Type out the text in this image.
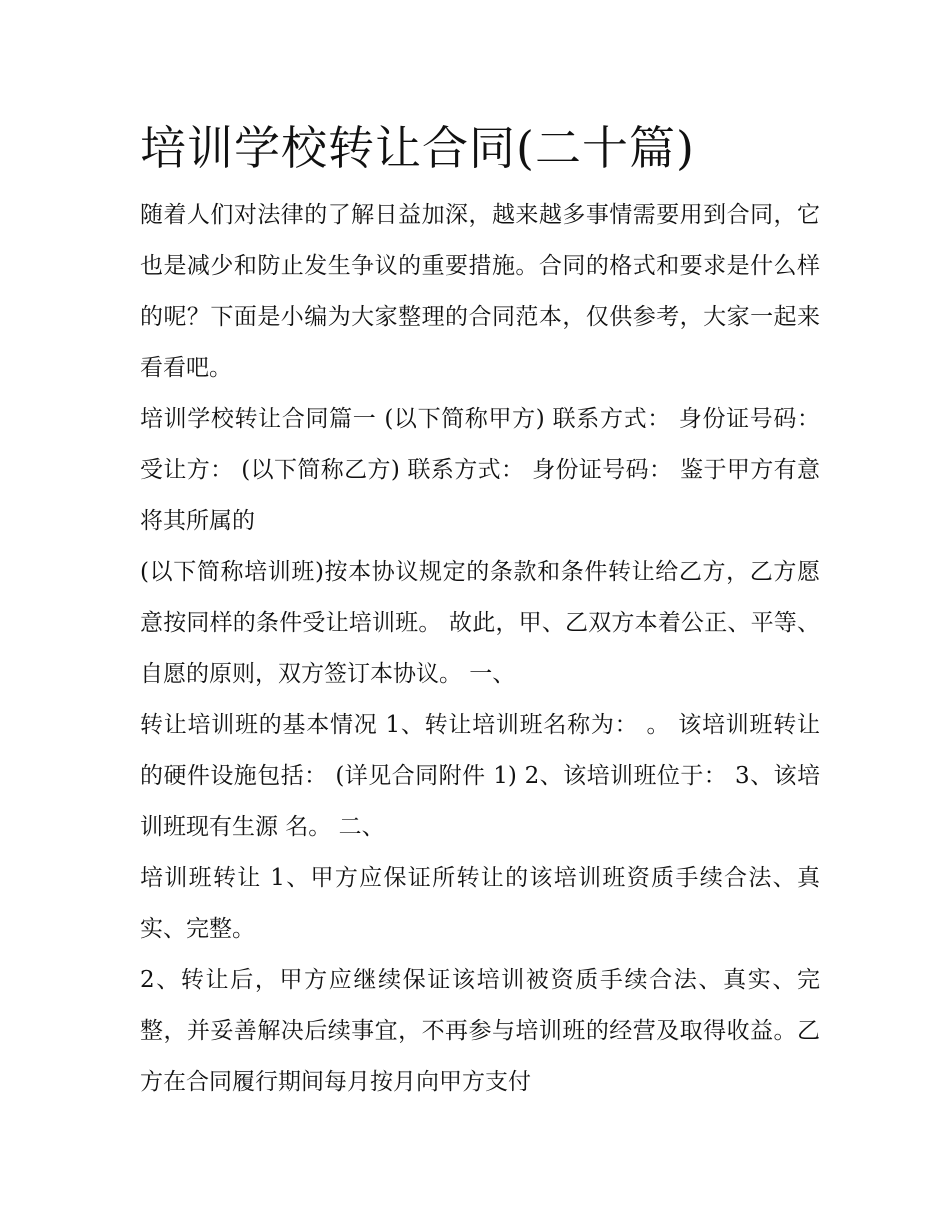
培训学校转让合同(二十篇)

随着人们对法律的了解日益加深，越来越多事情需要用到合同，它也是减少和防止发生争议的重要措施。合同的格式和要求是什么样的呢？下面是小编为大家整理的合同范本，仅供参考，大家一起来看看吧。

培训学校转让合同篇一 (以下简称甲方) 联系方式： 身份证号码： 受让方： (以下简称乙方) 联系方式： 身份证号码： 鉴于甲方有意将其所属的

(以下简称培训班)按本协议规定的条款和条件转让给乙方，乙方愿意按同样的条件受让培训班。 故此，甲、乙双方本着公正、平等、自愿的原则，双方签订本协议。 一、

转让培训班的基本情况 1、转让培训班名称为： 。 该培训班转让的硬件设施包括： (详见合同附件 1) 2、该培训班位于： 3、该培训班现有生源 名。 二、

培训班转让 1、甲方应保证所转让的该培训班资质手续合法、真实、完整。

2、转让后，甲方应继续保证该培训被资质手续合法、真实、完整，并妥善解决后续事宜，不再参与培训班的经营及取得收益。乙方在合同履行期间每月按月向甲方支付
